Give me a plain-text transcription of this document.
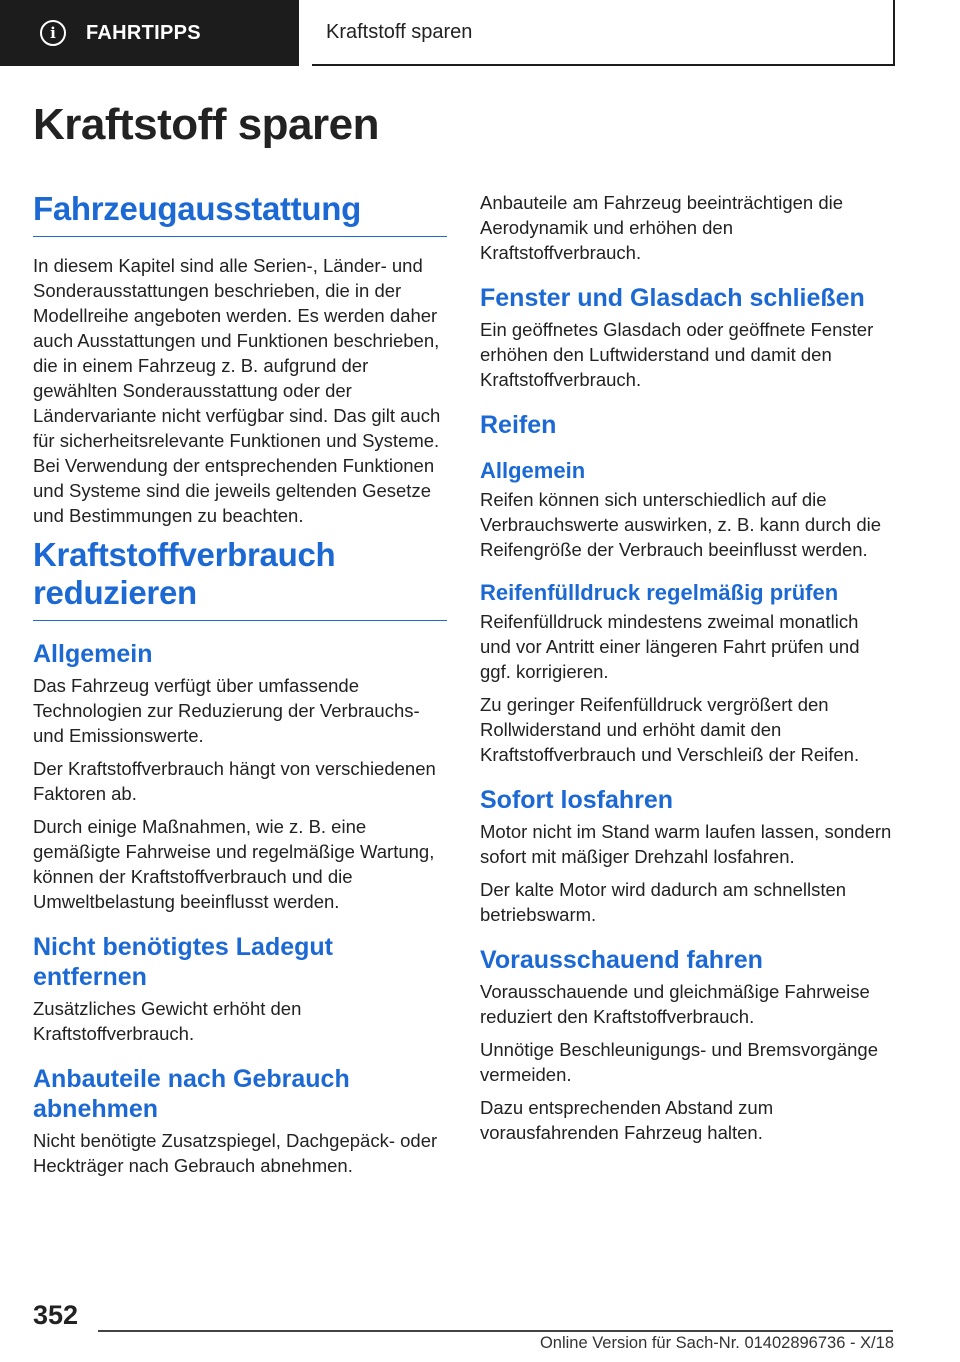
i	FAHRTIPPS	Kraftstoff sparen
Kraftstoff sparen
Fahrzeugausstattung

In diesem Kapitel sind alle Serien-, Länder- und Sonderausstattungen beschrieben, die in der Modellreihe angeboten werden. Es werden daher auch Ausstattungen und Funktionen beschrieben, die in einem Fahrzeug z. B. aufgrund der gewählten Sonderausstattung oder der Ländervariante nicht verfügbar sind. Das gilt auch für sicherheitsrelevante Funktionen und Systeme. Bei Verwendung der entsprechenden Funktionen und Systeme sind die jeweils geltenden Gesetze und Bestimmungen zu beachten.

Kraftstoffverbrauch reduzieren
Allgemein

Das Fahrzeug verfügt über umfassende Technologien zur Reduzierung der Verbrauchs- und Emissionswerte.

Der Kraftstoffverbrauch hängt von verschiedenen Faktoren ab.

Durch einige Maßnahmen, wie z. B. eine gemäßigte Fahrweise und regelmäßige Wartung, können der Kraftstoffverbrauch und die Umweltbelastung beeinflusst werden.

Nicht benötigtes Ladegut entfernen

Zusätzliches Gewicht erhöht den Kraftstoffverbrauch.

Anbauteile nach Gebrauch abnehmen

Nicht benötigte Zusatzspiegel, Dachgepäck- oder Heckträger nach Gebrauch abnehmen.

Anbauteile am Fahrzeug beeinträchtigen die Aerodynamik und erhöhen den Kraftstoffverbrauch.

Fenster und Glasdach schließen

Ein geöffnetes Glasdach oder geöffnete Fenster erhöhen den Luftwiderstand und damit den Kraftstoffverbrauch.

Reifen
Allgemein

Reifen können sich unterschiedlich auf die Verbrauchswerte auswirken, z. B. kann durch die Reifengröße der Verbrauch beeinflusst werden.

Reifenfülldruck regelmäßig prüfen

Reifenfülldruck mindestens zweimal monatlich und vor Antritt einer längeren Fahrt prüfen und ggf. korrigieren.

Zu geringer Reifenfülldruck vergrößert den Rollwiderstand und erhöht damit den Kraftstoffverbrauch und Verschleiß der Reifen.

Sofort losfahren

Motor nicht im Stand warm laufen lassen, sondern sofort mit mäßiger Drehzahl losfahren.

Der kalte Motor wird dadurch am schnellsten betriebswarm.

Vorausschauend fahren

Vorausschauende und gleichmäßige Fahrweise reduziert den Kraftstoffverbrauch.

Unnötige Beschleunigungs- und Bremsvorgänge vermeiden.

Dazu entsprechenden Abstand zum vorausfahrenden Fahrzeug halten.

352
Online Version für Sach-Nr. 01402896736 - X/18
